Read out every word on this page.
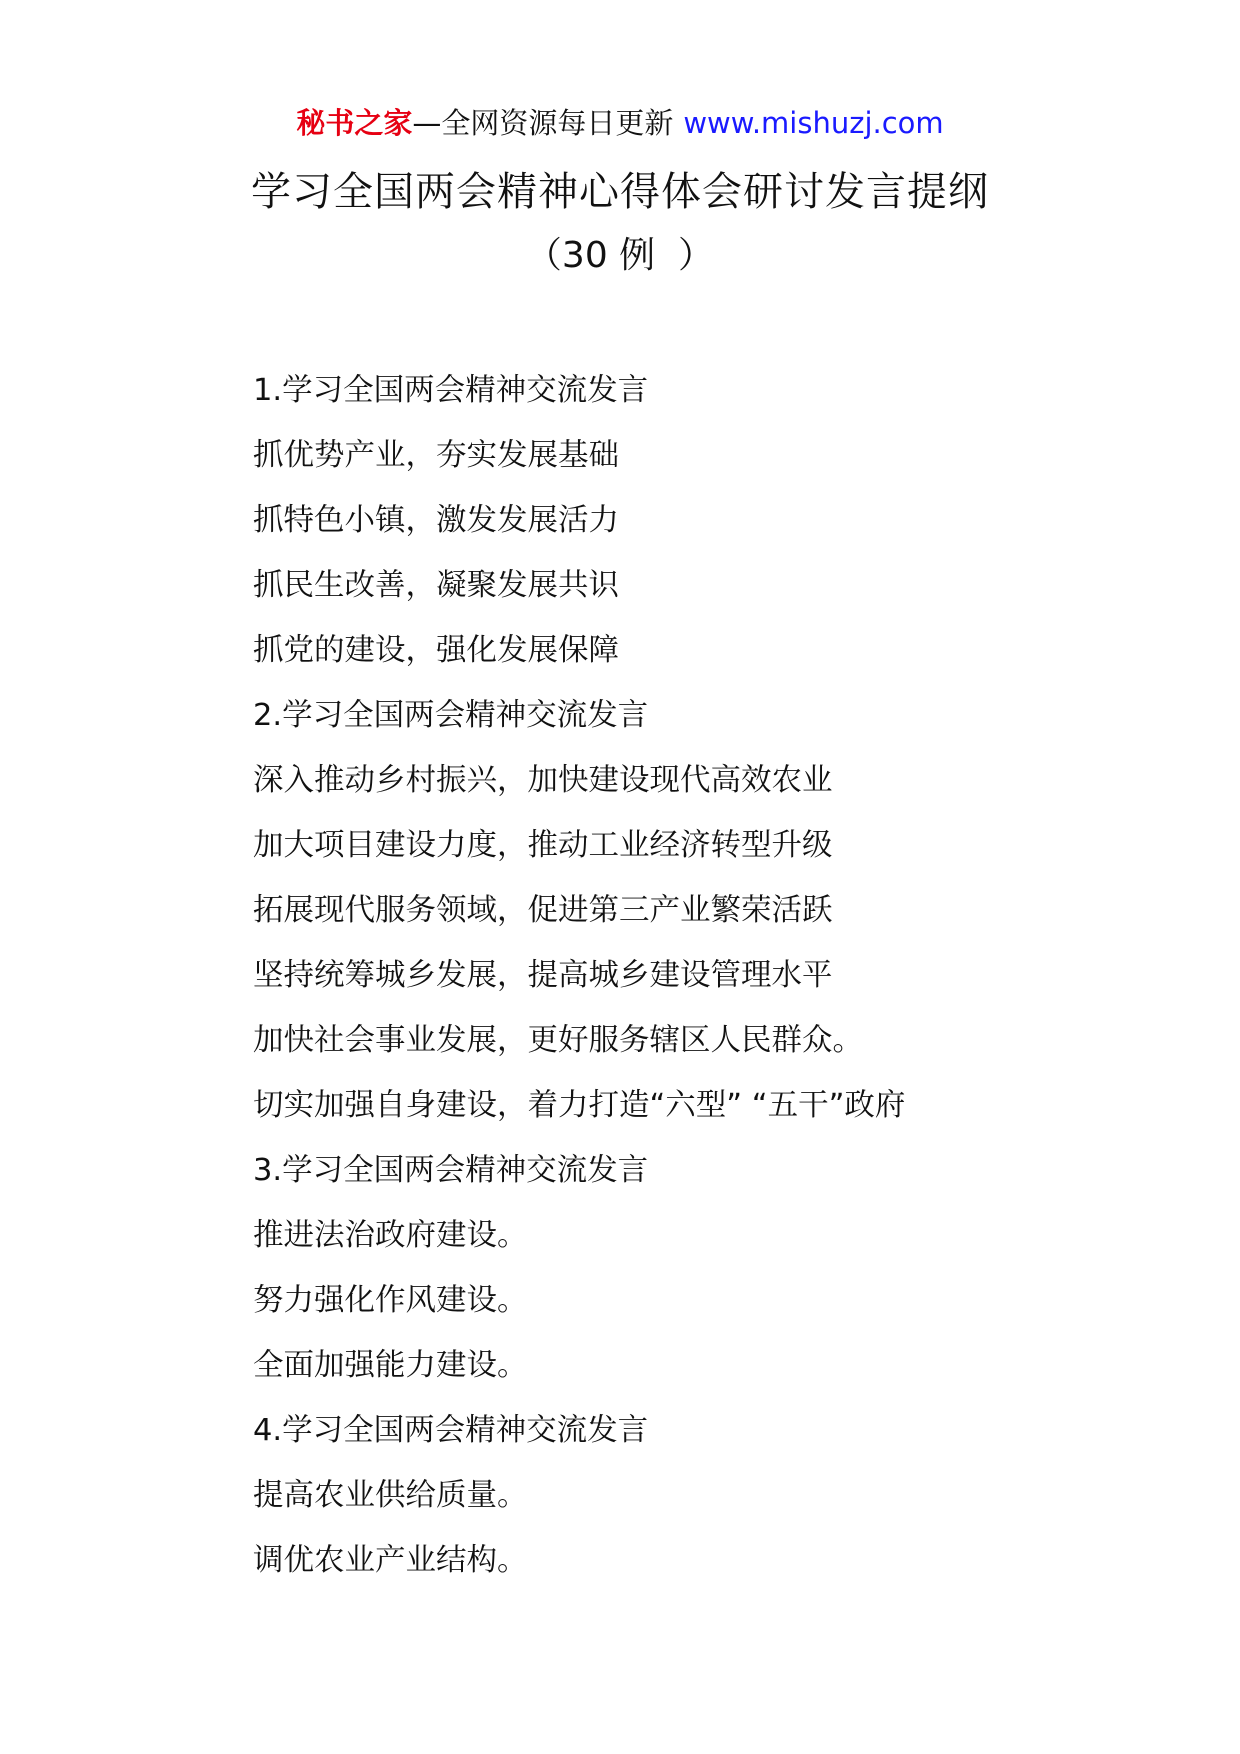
秘书之家—全网资源每日更新 www.mishuzj.com
学习全国两会精神心得体会研讨发言提纲
（30 例  ）
1.学习全国两会精神交流发言
抓优势产业，夯实发展基础
抓特色小镇，激发发展活力
抓民生改善，凝聚发展共识
抓党的建设，强化发展保障
2.学习全国两会精神交流发言
深入推动乡村振兴，加快建设现代高效农业
加大项目建设力度，推动工业经济转型升级
拓展现代服务领域，促进第三产业繁荣活跃
坚持统筹城乡发展，提高城乡建设管理水平
加快社会事业发展，更好服务辖区人民群众。
切实加强自身建设，着力打造“六型” “五干”政府
3.学习全国两会精神交流发言
推进法治政府建设。
努力强化作风建设。
全面加强能力建设。
4.学习全国两会精神交流发言
提高农业供给质量。
调优农业产业结构。
